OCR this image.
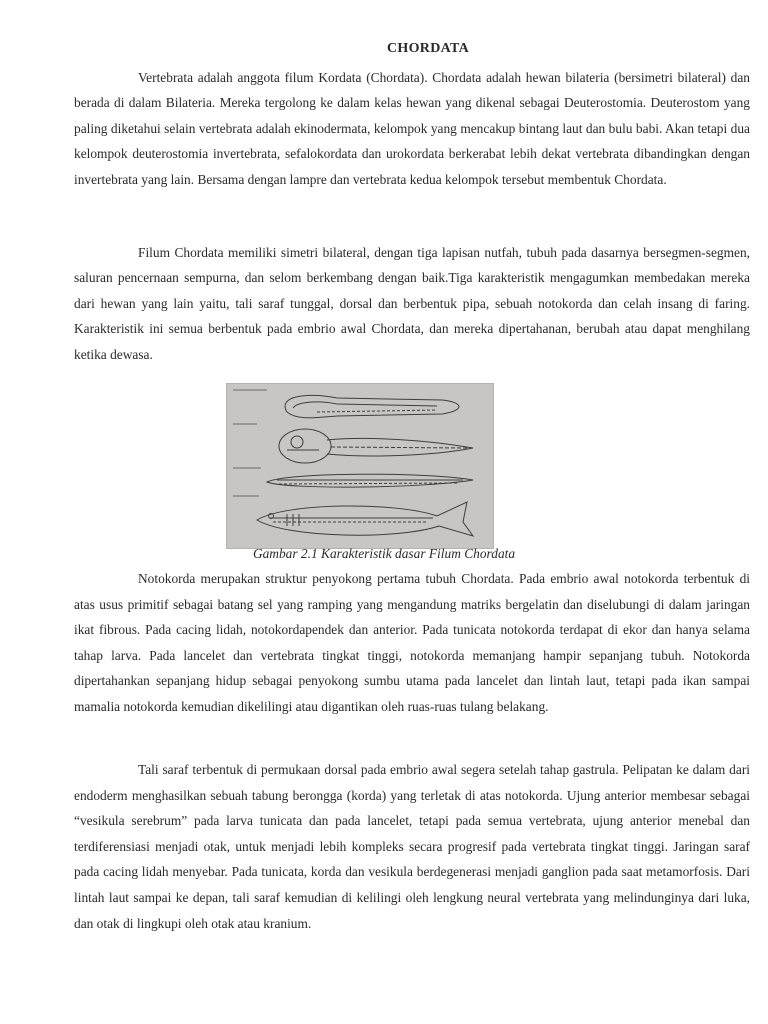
CHORDATA

Vertebrata adalah anggota filum Kordata (Chordata). Chordata adalah hewan bilateria (bersimetri bilateral) dan berada di dalam Bilateria. Mereka tergolong ke dalam kelas hewan yang dikenal sebagai Deuterostomia. Deuterostom yang paling diketahui selain vertebrata adalah ekinodermata, kelompok yang mencakup bintang laut dan bulu babi. Akan tetapi dua kelompok deuterostomia invertebrata, sefalokordata dan urokordata berkerabat lebih dekat vertebrata dibandingkan dengan invertebrata yang lain. Bersama dengan lampre dan vertebrata kedua kelompok tersebut membentuk Chordata.

Filum Chordata memiliki simetri bilateral, dengan tiga lapisan nutfah, tubuh pada dasarnya bersegmen-segmen, saluran pencernaan sempurna, dan selom berkembang dengan baik.Tiga karakteristik mengagumkan membedakan mereka dari hewan yang lain yaitu, tali saraf tunggal, dorsal dan berbentuk pipa, sebuah notokorda dan celah insang di faring. Karakteristik ini semua berbentuk pada embrio awal Chordata, dan mereka dipertahanan, berubah atau dapat menghilang ketika dewasa.

Gambar 2.1 Karakteristik dasar Filum Chordata

Notokorda merupakan struktur penyokong pertama tubuh Chordata. Pada embrio awal notokorda terbentuk di atas usus primitif sebagai batang sel yang ramping yang mengandung matriks bergelatin dan diselubungi di dalam jaringan ikat fibrous. Pada cacing lidah, notokordapendek dan anterior. Pada tunicata notokorda terdapat di ekor dan hanya selama tahap larva. Pada lancelet dan vertebrata tingkat tinggi, notokorda memanjang hampir sepanjang tubuh. Notokorda dipertahankan sepanjang hidup sebagai penyokong sumbu utama pada lancelet dan lintah laut, tetapi pada ikan sampai mamalia notokorda kemudian dikelilingi atau digantikan oleh ruas-ruas tulang belakang.

Tali saraf terbentuk di permukaan dorsal pada embrio awal segera setelah tahap gastrula. Pelipatan ke dalam dari endoderm menghasilkan sebuah tabung berongga (korda) yang terletak di atas notokorda. Ujung anterior membesar sebagai “vesikula serebrum” pada larva tunicata dan pada lancelet, tetapi pada semua vertebrata, ujung anterior menebal dan terdiferensiasi menjadi otak, untuk menjadi lebih kompleks secara progresif pada vertebrata tingkat tinggi. Jaringan saraf pada cacing lidah menyebar. Pada tunicata, korda dan vesikula berdegenerasi menjadi ganglion pada saat metamorfosis. Dari lintah laut sampai ke depan, tali saraf kemudian di kelilingi oleh lengkung neural vertebrata yang melindunginya dari luka, dan otak di lingkupi oleh otak atau kranium.
